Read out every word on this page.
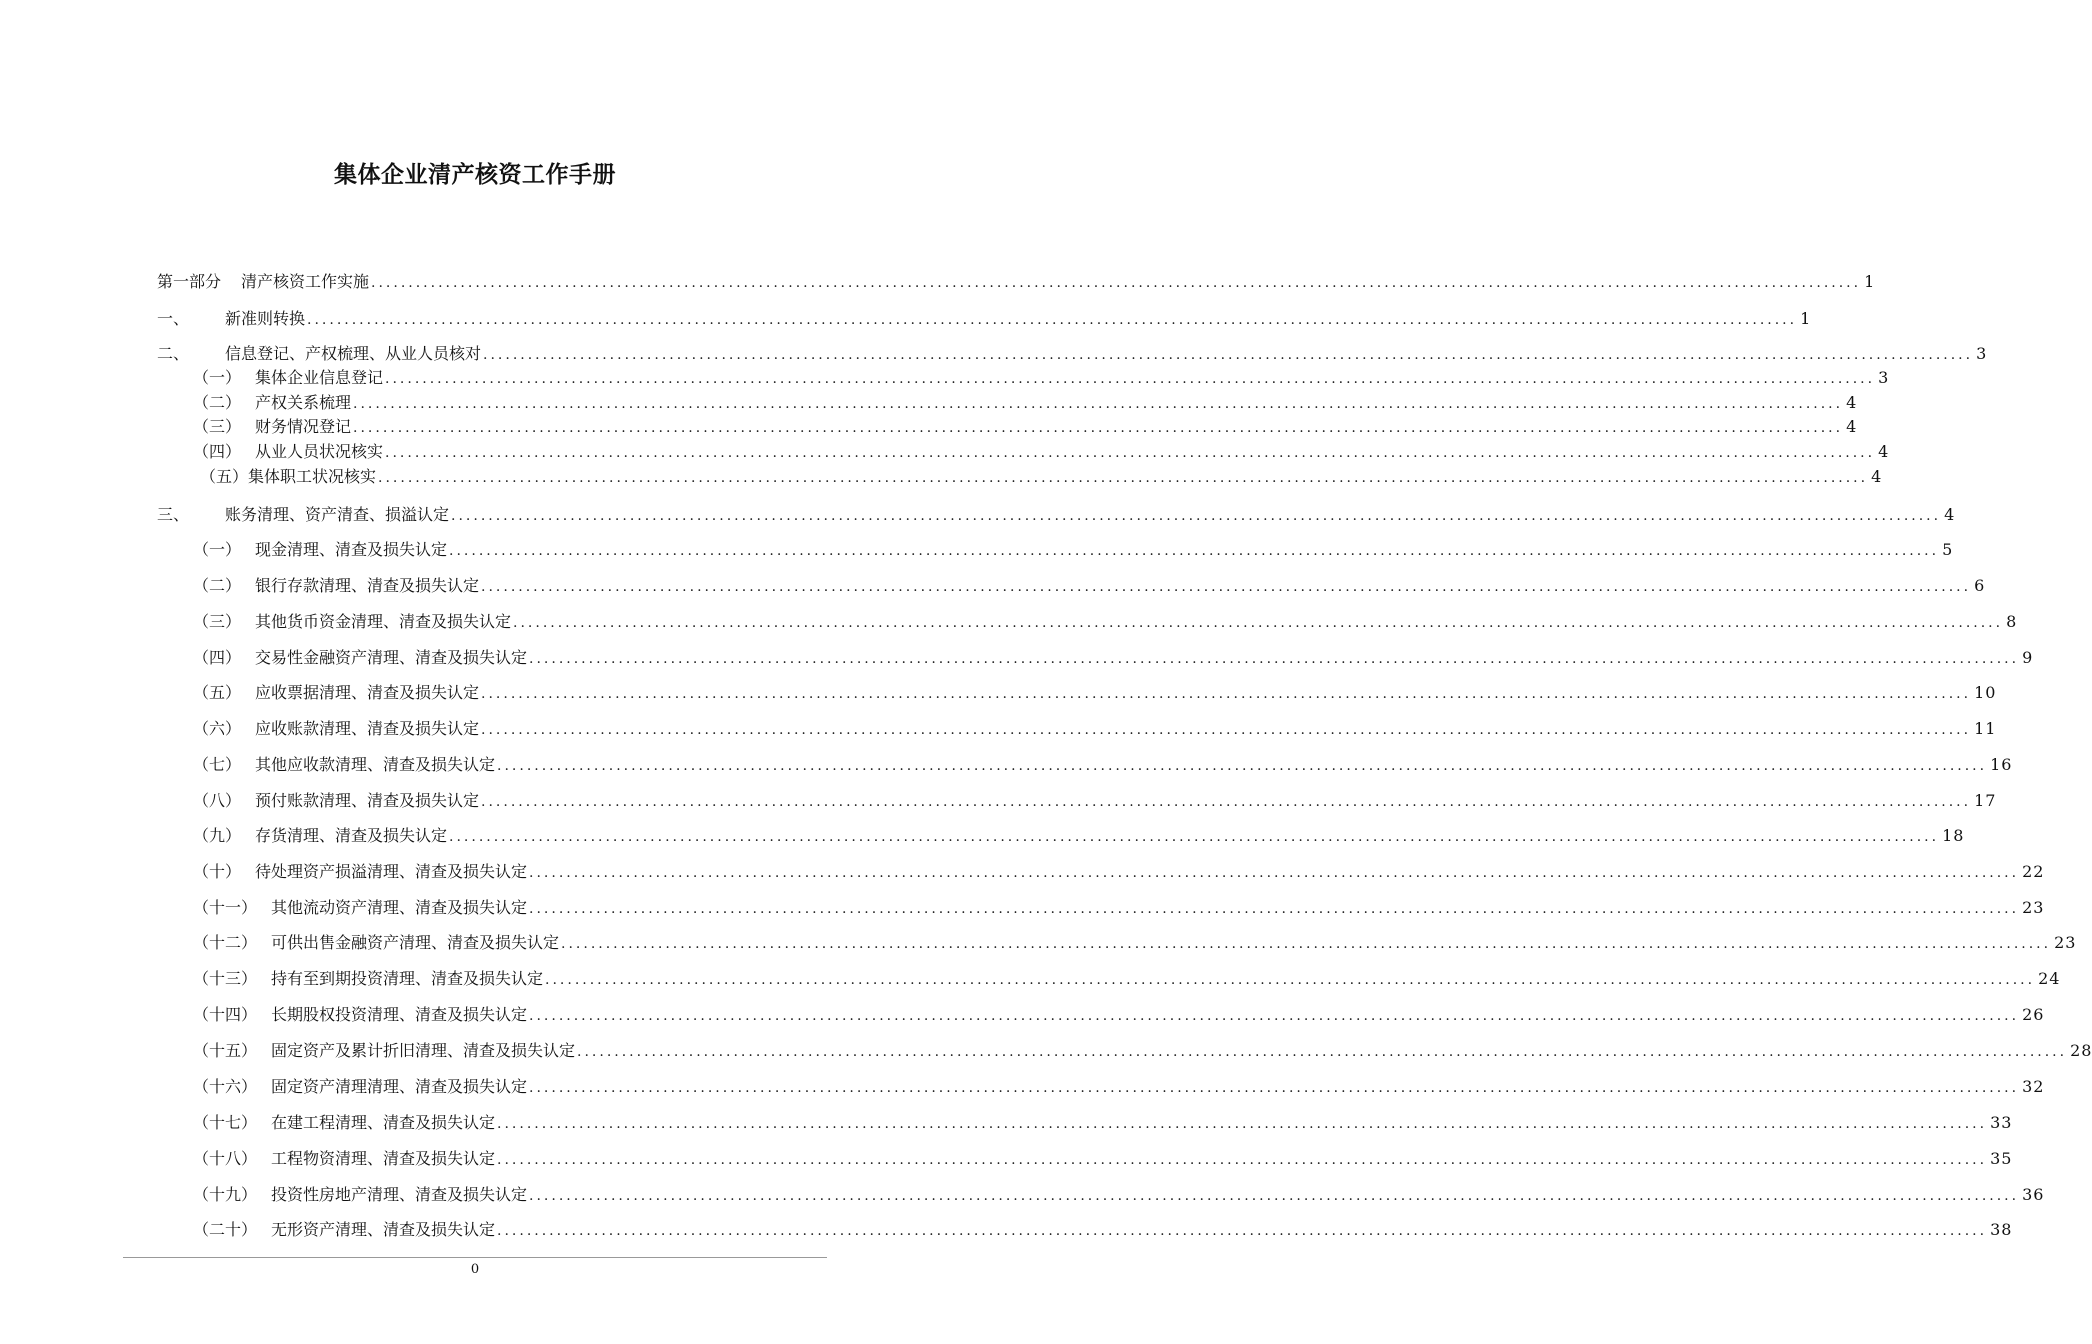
集体企业清产核资工作手册
第一部分 清产核资工作实施 ........................................................................................................................................................................................................ 1
一、 新准则转换 ........................................................................................................................................................................................................ 1
二、 信息登记、产权梳理、从业人员核对 ........................................................................................................................................................................................................ 3
（一） 集体企业信息登记 ........................................................................................................................................................................................................ 3
（二） 产权关系梳理 ........................................................................................................................................................................................................ 4
（三） 财务情况登记 ........................................................................................................................................................................................................ 4
（四） 从业人员状况核实 ........................................................................................................................................................................................................ 4
（五）集体职工状况核实 ........................................................................................................................................................................................................ 4
三、 账务清理、资产清查、损溢认定 ........................................................................................................................................................................................................ 4
（一） 现金清理、清查及损失认定 ........................................................................................................................................................................................................ 5
（二） 银行存款清理、清查及损失认定 ........................................................................................................................................................................................................ 6
（三） 其他货币资金清理、清查及损失认定 ........................................................................................................................................................................................................ 8
（四） 交易性金融资产清理、清查及损失认定 ........................................................................................................................................................................................................ 9
（五） 应收票据清理、清查及损失认定 ........................................................................................................................................................................................................ 10
（六） 应收账款清理、清查及损失认定 ........................................................................................................................................................................................................ 11
（七） 其他应收款清理、清查及损失认定 ........................................................................................................................................................................................................ 16
（八） 预付账款清理、清查及损失认定 ........................................................................................................................................................................................................ 17
（九） 存货清理、清查及损失认定 ........................................................................................................................................................................................................ 18
（十） 待处理资产损溢清理、清查及损失认定 ........................................................................................................................................................................................................ 22
（十一） 其他流动资产清理、清查及损失认定 ........................................................................................................................................................................................................ 23
（十二） 可供出售金融资产清理、清查及损失认定 ........................................................................................................................................................................................................ 23
（十三） 持有至到期投资清理、清查及损失认定 ........................................................................................................................................................................................................ 24
（十四） 长期股权投资清理、清查及损失认定 ........................................................................................................................................................................................................ 26
（十五） 固定资产及累计折旧清理、清查及损失认定 ........................................................................................................................................................................................................ 28
（十六） 固定资产清理清理、清查及损失认定 ........................................................................................................................................................................................................ 32
（十七） 在建工程清理、清查及损失认定 ........................................................................................................................................................................................................ 33
（十八） 工程物资清理、清查及损失认定 ........................................................................................................................................................................................................ 35
（十九） 投资性房地产清理、清查及损失认定 ........................................................................................................................................................................................................ 36
（二十） 无形资产清理、清查及损失认定 ........................................................................................................................................................................................................ 38
0
